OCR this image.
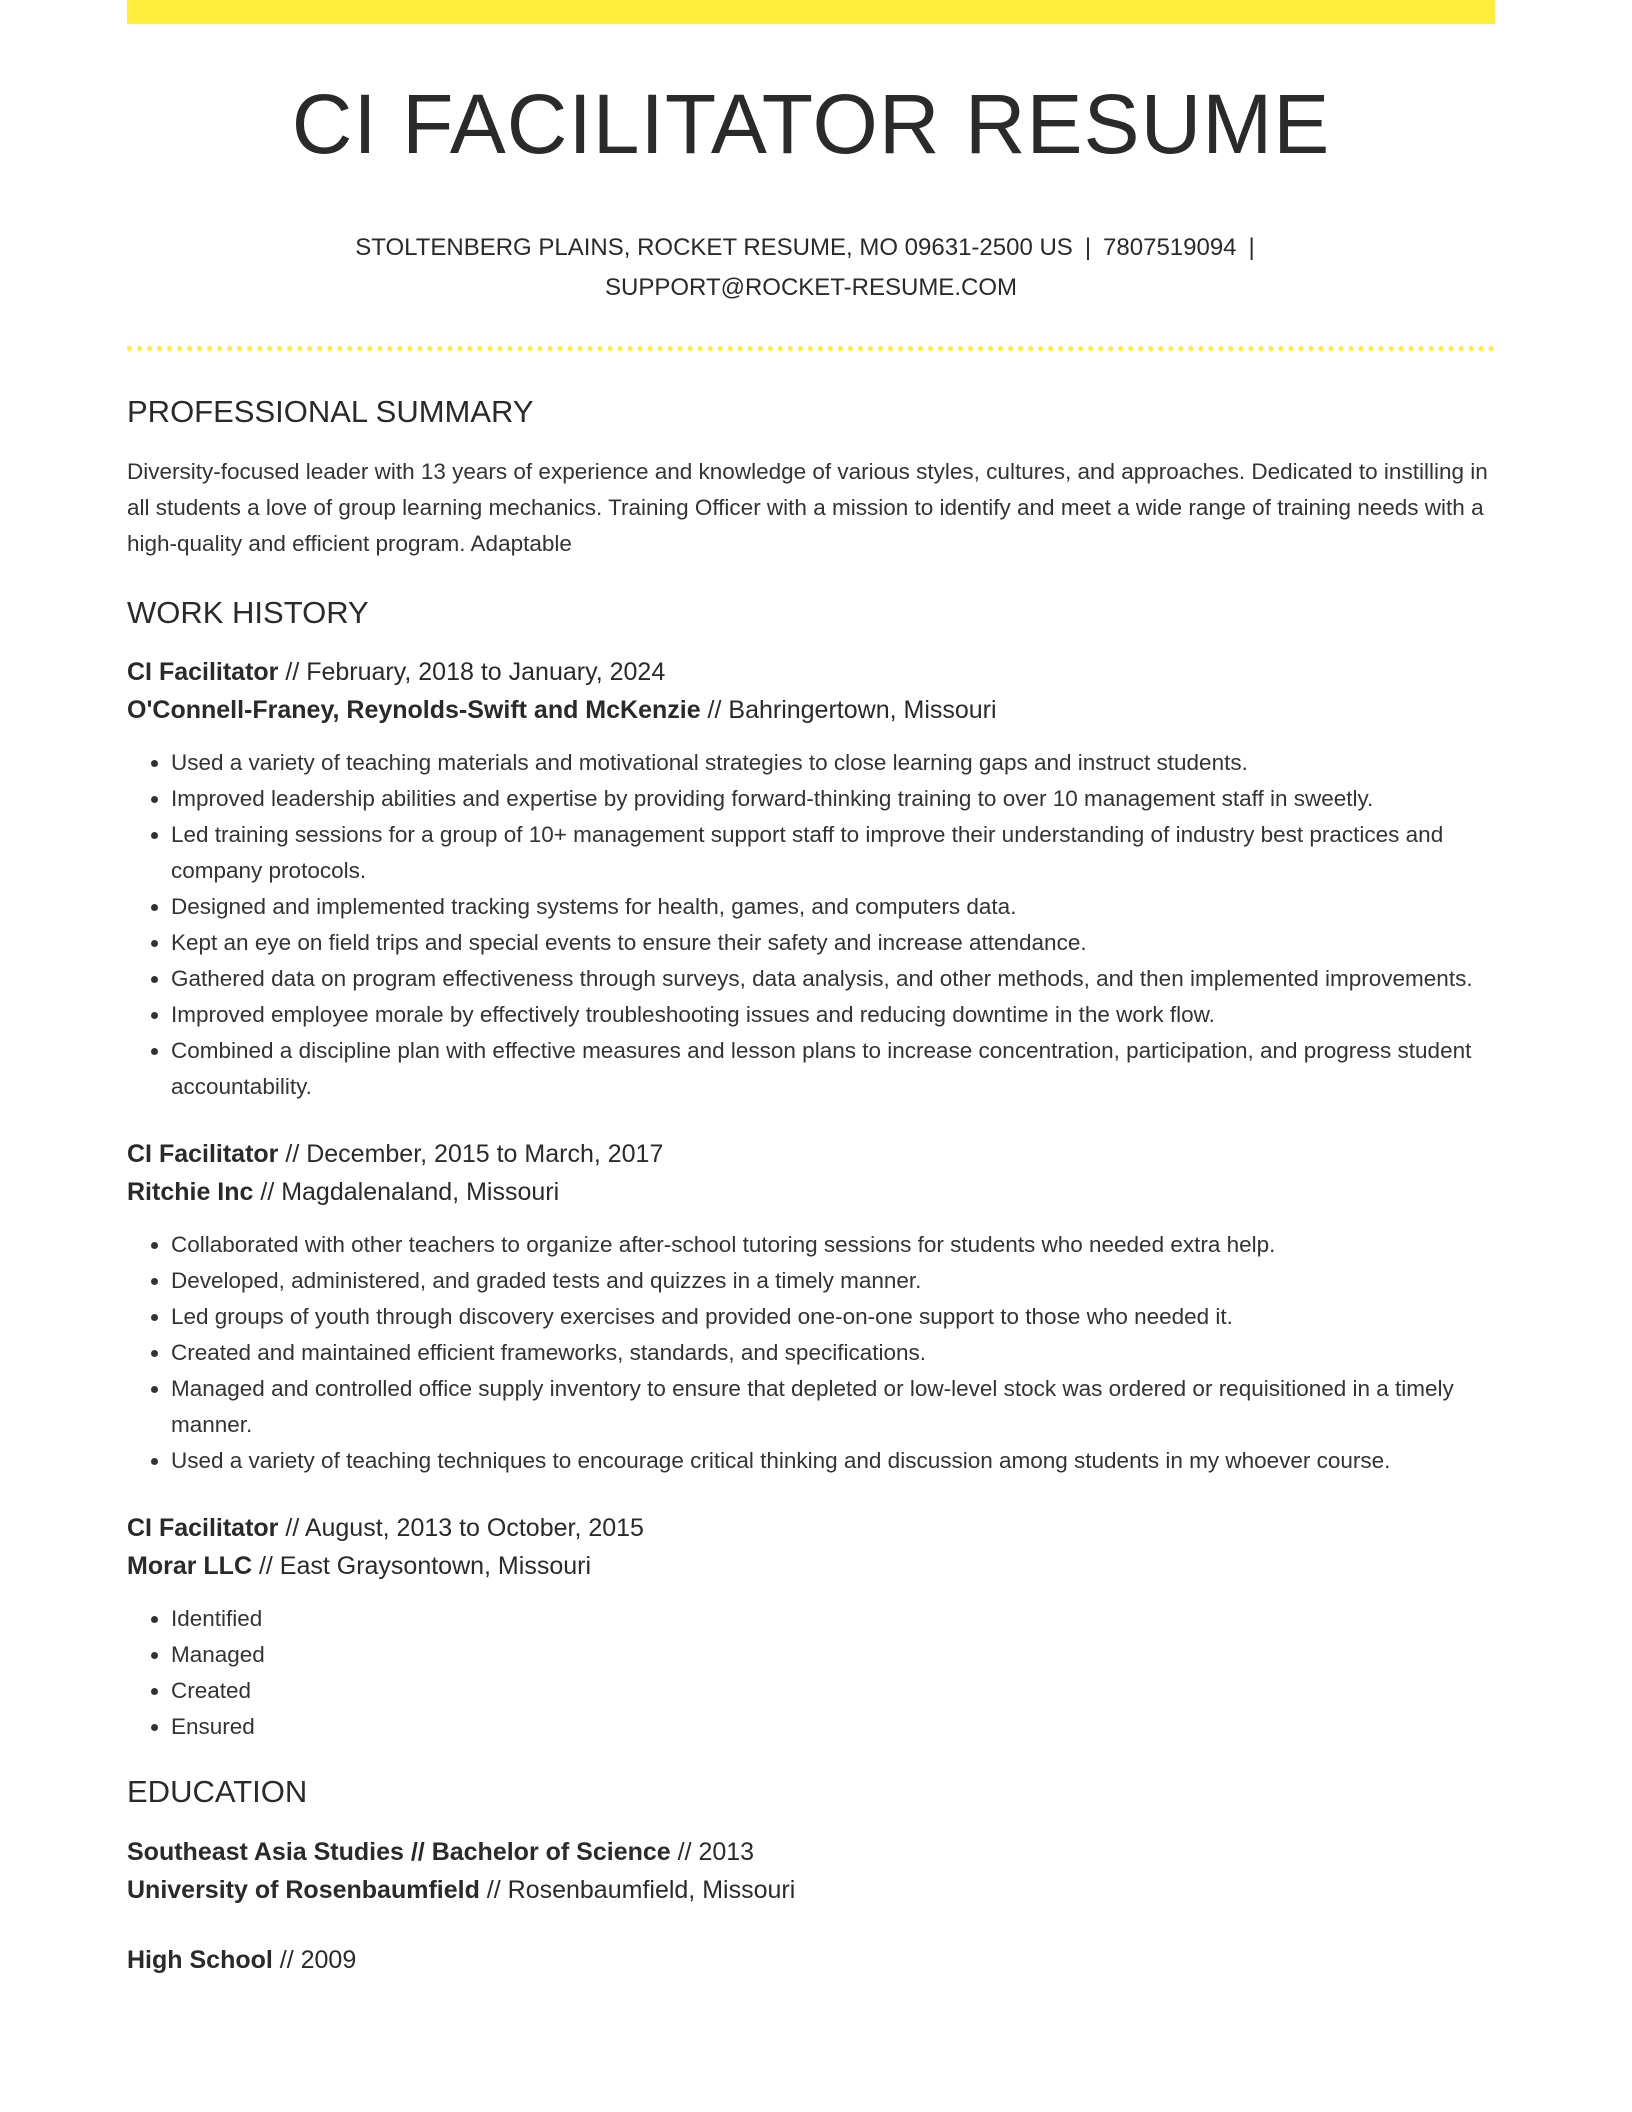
CI FACILITATOR RESUME
STOLTENBERG PLAINS, ROCKET RESUME, MO 09631-2500 US | 7807519094 |
SUPPORT@ROCKET-RESUME.COM
PROFESSIONAL SUMMARY

Diversity-focused leader with 13 years of experience and knowledge of various styles, cultures, and approaches. Dedicated to instilling in all students a love of group learning mechanics. Training Officer with a mission to identify and meet a wide range of training needs with a high-quality and efficient program. Adaptable

WORK HISTORY
CI Facilitator // February, 2018 to January, 2024
O'Connell-Franey, Reynolds-Swift and McKenzie // Bahringertown, Missouri
• Used a variety of teaching materials and motivational strategies to close learning gaps and instruct students.
• Improved leadership abilities and expertise by providing forward-thinking training to over 10 management staff in sweetly.
• Led training sessions for a group of 10+ management support staff to improve their understanding of industry best practices and company protocols.
• Designed and implemented tracking systems for health, games, and computers data.
• Kept an eye on field trips and special events to ensure their safety and increase attendance.
• Gathered data on program effectiveness through surveys, data analysis, and other methods, and then implemented improvements.
• Improved employee morale by effectively troubleshooting issues and reducing downtime in the work flow.
• Combined a discipline plan with effective measures and lesson plans to increase concentration, participation, and progress student accountability.
CI Facilitator // December, 2015 to March, 2017
Ritchie Inc // Magdalenaland, Missouri
• Collaborated with other teachers to organize after-school tutoring sessions for students who needed extra help.
• Developed, administered, and graded tests and quizzes in a timely manner.
• Led groups of youth through discovery exercises and provided one-on-one support to those who needed it.
• Created and maintained efficient frameworks, standards, and specifications.
• Managed and controlled office supply inventory to ensure that depleted or low-level stock was ordered or requisitioned in a timely manner.
• Used a variety of teaching techniques to encourage critical thinking and discussion among students in my whoever course.
CI Facilitator // August, 2013 to October, 2015
Morar LLC // East Graysontown, Missouri
• Identified
• Managed
• Created
• Ensured
EDUCATION
Southeast Asia Studies // Bachelor of Science // 2013
University of Rosenbaumfield // Rosenbaumfield, Missouri
High School // 2009
